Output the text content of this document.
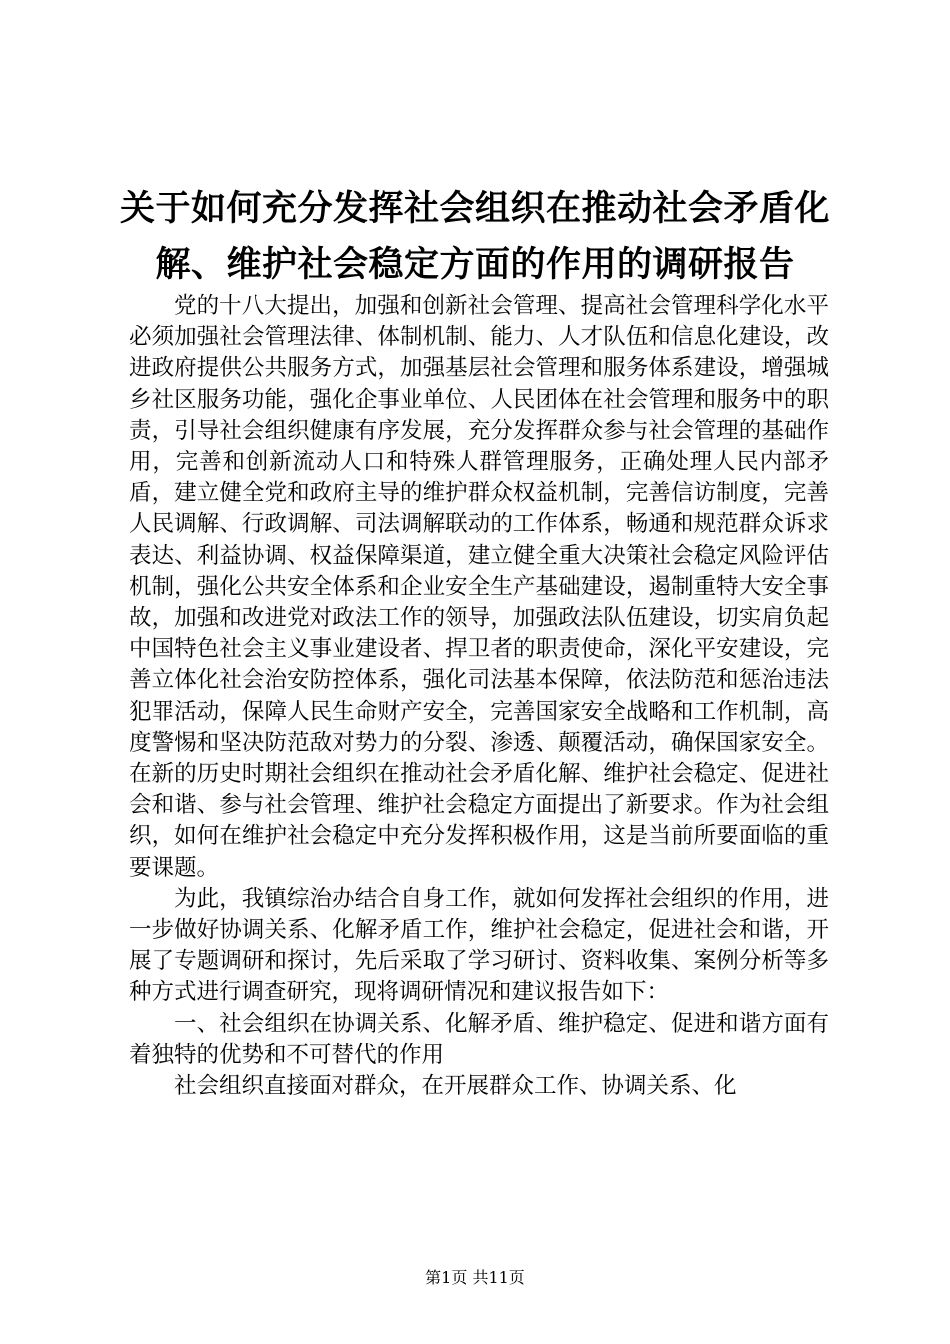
关于如何充分发挥社会组织在推动社会矛盾化
解、维护社会稳定方面的作用的调研报告

党的十八大提出，加强和创新社会管理、提高社会管理科学化水平必须加强社会管理法律、体制机制、能力、人才队伍和信息化建设，改进政府提供公共服务方式，加强基层社会管理和服务体系建设，增强城乡社区服务功能，强化企事业单位、人民团体在社会管理和服务中的职责，引导社会组织健康有序发展，充分发挥群众参与社会管理的基础作用，完善和创新流动人口和特殊人群管理服务，正确处理人民内部矛盾，建立健全党和政府主导的维护群众权益机制，完善信访制度，完善人民调解、行政调解、司法调解联动的工作体系，畅通和规范群众诉求表达、利益协调、权益保障渠道，建立健全重大决策社会稳定风险评估机制，强化公共安全体系和企业安全生产基础建设，遏制重特大安全事故，加强和改进党对政法工作的领导，加强政法队伍建设，切实肩负起中国特色社会主义事业建设者、捍卫者的职责使命，深化平安建设，完善立体化社会治安防控体系，强化司法基本保障，依法防范和惩治违法犯罪活动，保障人民生命财产安全，完善国家安全战略和工作机制，高度警惕和坚决防范敌对势力的分裂、渗透、颠覆活动，确保国家安全。在新的历史时期社会组织在推动社会矛盾化解、维护社会稳定、促进社会和谐、参与社会管理、维护社会稳定方面提出了新要求。作为社会组织，如何在维护社会稳定中充分发挥积极作用，这是当前所要面临的重要课题。

为此，我镇综治办结合自身工作，就如何发挥社会组织的作用，进一步做好协调关系、化解矛盾工作，维护社会稳定，促进社会和谐，开展了专题调研和探讨，先后采取了学习研讨、资料收集、案例分析等多种方式进行调查研究，现将调研情况和建议报告如下：

一、社会组织在协调关系、化解矛盾、维护稳定、促进和谐方面有着独特的优势和不可替代的作用

社会组织直接面对群众，在开展群众工作、协调关系、化

第1页 共11页
